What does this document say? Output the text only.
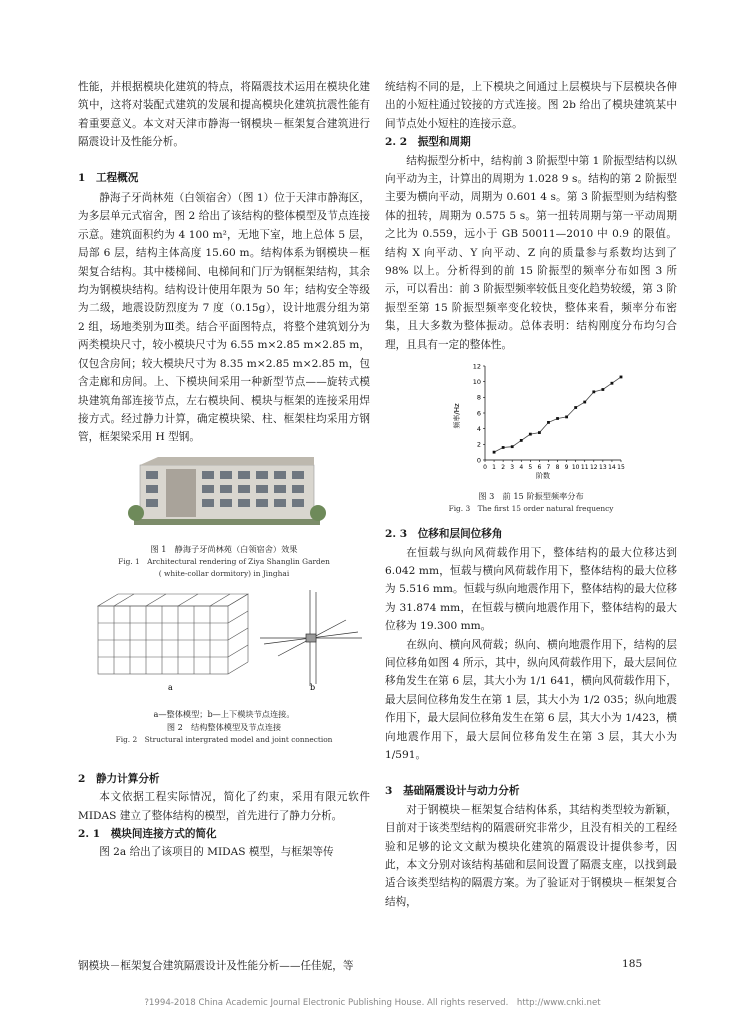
性能，并根据模块化建筑的特点，将隔震技术运用在模块化建筑中，这将对装配式建筑的发展和提高模块化建筑抗震性能有着重要意义。本文对天津市静海一钢模块－框架复合建筑进行隔震设计及性能分析。

1　工程概况

静海子牙尚林苑（白领宿舍）（图 1）位于天津市静海区，为多层单元式宿舍，图 2 给出了该结构的整体模型及节点连接示意。建筑面积约为 4 100 m²，无地下室，地上总体 5 层，局部 6 层，结构主体高度 15.60 m。结构体系为钢模块－框架复合结构。其中楼梯间、电梯间和门厅为钢框架结构，其余均为钢模块结构。结构设计使用年限为 50 年；结构安全等级为二级，地震设防烈度为 7 度（0.15g），设计地震分组为第 2 组，场地类别为Ⅲ类。结合平面图特点，将整个建筑划分为两类模块尺寸，较小模块尺寸为 6.55 m×2.85 m×2.85 m，仅包含房间；较大模块尺寸为 8.35 m×2.85 m×2.85 m，包含走廊和房间。上、下模块间采用一种新型节点——旋转式模块建筑角部连接节点，左右模块间、模块与框架的连接采用焊接方式。经过静力计算，确定模块梁、柱、框架柱均采用方钢管，框架梁采用 H 型钢。

图 1　静海子牙尚林苑（白领宿舍）效果

Fig. 1　Architectural rendering of Ziya Shanglin Garden

( white-collar dormitory) in Jinghai

a	b

a—整体模型；b—上下模块节点连接。

图 2　结构整体模型及节点连接

Fig. 2　Structural intergrated model and joint connection

2　静力计算分析

本文依据工程实际情况，简化了约束，采用有限元软件 MIDAS 建立了整体结构的模型，首先进行了静力分析。

2. 1　模块间连接方式的简化

图 2a 给出了该项目的 MIDAS 模型，与框架等传

统结构不同的是，上下模块之间通过上层模块与下层模块各伸出的小短柱通过铰接的方式连接。图 2b 给出了模块建筑某中间节点处小短柱的连接示意。

2. 2　振型和周期

结构振型分析中，结构前 3 阶振型中第 1 阶振型结构以纵向平动为主，计算出的周期为 1.028 9 s。结构的第 2 阶振型主要为横向平动，周期为 0.601 4 s。第 3 阶振型则为结构整体的扭转，周期为 0.575 5 s。第一扭转周期与第一平动周期之比为 0.559，远小于 GB 50011—2010 中 0.9 的限值。结构 X 向平动、Y 向平动、Z 向的质量参与系数均达到了 98% 以上。分析得到的前 15 阶振型的频率分布如图 3 所示，可以看出：前 3 阶振型频率较低且变化趋势较缓，第 3 阶振型至第 15 阶振型频率变化较快，整体来看，频率分布密集，且大多数为整体振动。总体表明：结构刚度分布均匀合理，且具有一定的整体性。

0
2
4
6
8
10
12
0 1 2 3 4 5 6 7 8 9 10 11 12 13 14 15
频率/Hz
阶数

图 3　前 15 阶振型频率分布

Fig. 3　The first 15 order natural frequency

2. 3　位移和层间位移角

在恒载与纵向风荷载作用下，整体结构的最大位移达到 6.042 mm，恒载与横向风荷载作用下，整体结构的最大位移为 5.516 mm。恒载与纵向地震作用下，整体结构的最大位移为 31.874 mm，在恒载与横向地震作用下，整体结构的最大位移为 19.300 mm。

在纵向、横向风荷载；纵向、横向地震作用下，结构的层间位移角如图 4 所示，其中，纵向风荷载作用下，最大层间位移角发生在第 6 层，其大小为 1/1 641，横向风荷载作用下，最大层间位移角发生在第 1 层，其大小为 1/2 035；纵向地震作用下，最大层间位移角发生在第 6 层，其大小为 1/423，横向地震作用下，最大层间位移角发生在第 3 层，其大小为 1/591。

3　基础隔震设计与动力分析

对于钢模块－框架复合结构体系，其结构类型较为新颖，目前对于该类型结构的隔震研究非常少，且没有相关的工程经验和足够的论文文献为模块化建筑的隔震设计提供参考，因此，本文分别对该结构基础和层间设置了隔震支座，以找到最适合该类型结构的隔震方案。为了验证对于钢模块－框架复合结构，

钢模块－框架复合建筑隔震设计及性能分析——任佳妮，等	185
?1994-2018 China Academic Journal Electronic Publishing House. All rights reserved.　http://www.cnki.net
